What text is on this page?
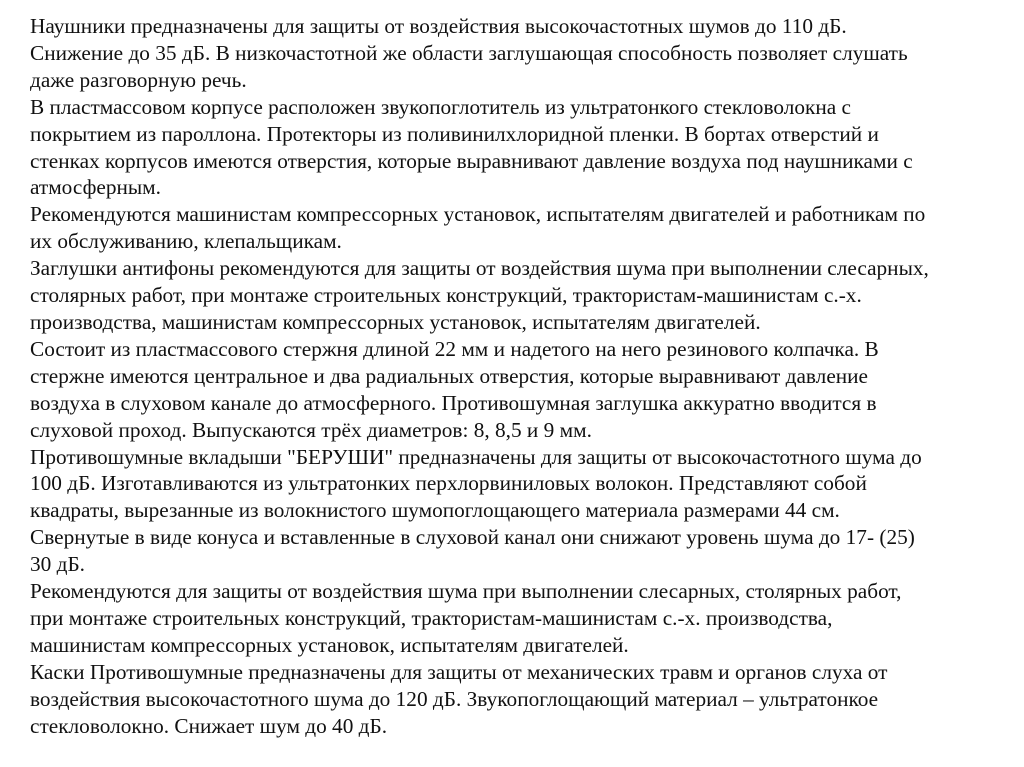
Наушники предназначены для защиты от воздействия высокочастотных шумов до 110 дБ.
Снижение до 35 дБ. В низкочастотной же области заглушающая способность позволяет слушать
даже разговорную речь.
В пластмассовом корпусе расположен звукопоглотитель из ультратонкого стекловолокна с
покрытием из пароллона. Протекторы из поливинилхлоридной пленки. В бортах отверстий и
стенках корпусов имеются отверстия, которые выравнивают давление воздуха под наушниками с
атмосферным.
Рекомендуются машинистам компрессорных установок, испытателям двигателей и работникам по
их обслуживанию, клепальщикам.
Заглушки антифоны рекомендуются для защиты от воздействия шума при выполнении слесарных,
столярных работ, при монтаже строительных конструкций, трактористам-машинистам с.-х.
производства, машинистам компрессорных установок, испытателям двигателей.
Состоит из пластмассового стержня длиной 22 мм и надетого на него резинового колпачка. В
стержне имеются центральное и два радиальных отверстия, которые выравнивают давление
воздуха в слуховом канале до атмосферного. Противошумная заглушка аккуратно вводится в
слуховой проход. Выпускаются трёх диаметров: 8, 8,5 и 9 мм.
Противошумные вкладыши "БЕРУШИ" предназначены для защиты от высокочастотного шума до
100 дБ. Изготавливаются из ультратонких перхлорвиниловых волокон. Представляют собой
квадраты, вырезанные из волокнистого шумопоглощающего материала размерами 44 см.
Свернутые в виде конуса и вставленные в слуховой канал они снижают уровень шума до 17- (25)
30 дБ.
Рекомендуются для защиты от воздействия шума при выполнении слесарных, столярных работ,
при монтаже строительных конструкций, трактористам-машинистам с.-х. производства,
машинистам компрессорных установок, испытателям двигателей.
Каски Противошумные предназначены для защиты от механических травм и органов слуха от
воздействия высокочастотного шума до 120 дБ. Звукопоглощающий материал – ультратонкое
стекловолокно. Снижает шум до 40 дБ.
